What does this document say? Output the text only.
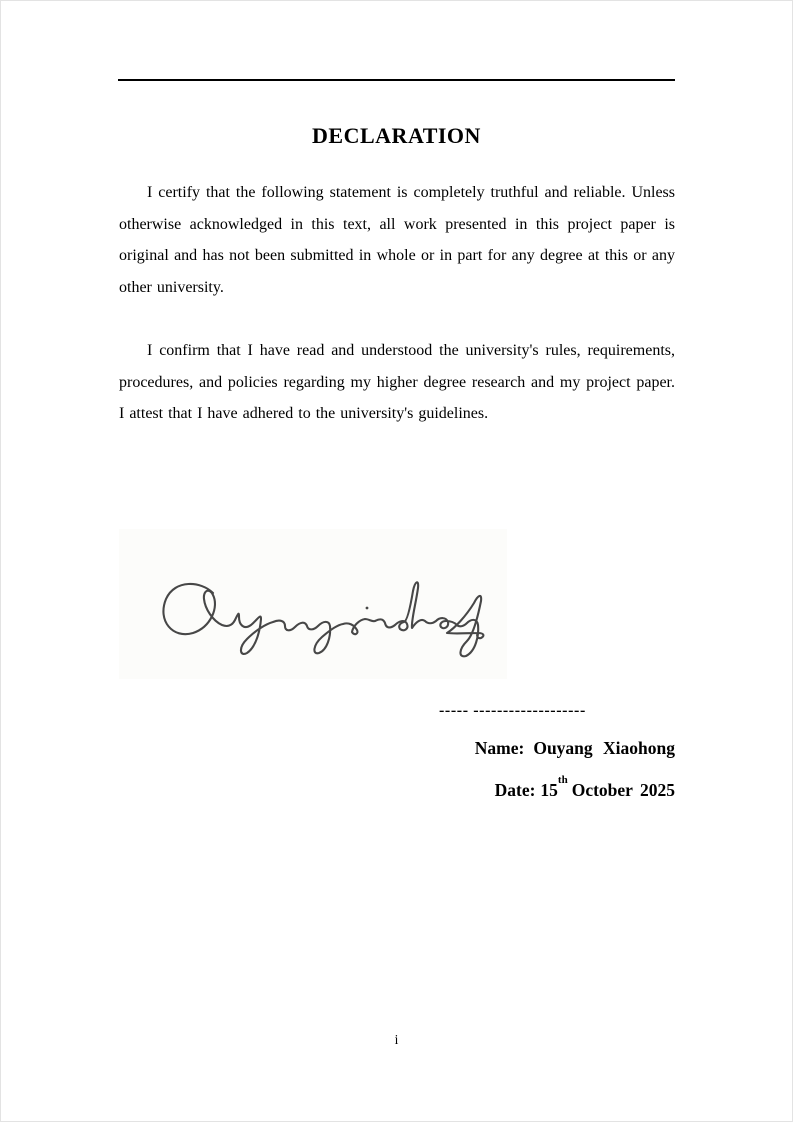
DECLARATION

I certify that the following statement is completely truthful and reliable. Unless otherwise acknowledged in this text, all work presented in this project paper is original and has not been submitted in whole or in part for any degree at this or any other university.

I confirm that I have read and understood the university's rules, requirements, procedures, and policies regarding my higher degree research and my project paper. I attest that I have adhered to the university's guidelines.

----- -------------------
Name: Ouyang Xiaohong
Date: 15thOctober 2025
i
